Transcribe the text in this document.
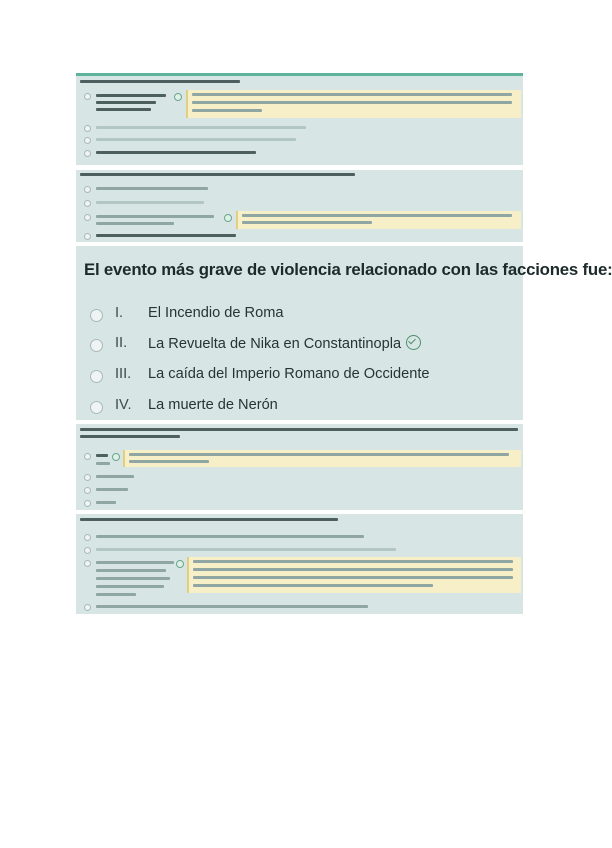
El evento más grave de violencia relacionado con las facciones fue:

I. El Incendio de Roma
II. La Revuelta de Nika en Constantinopla
III. La caída del Imperio Romano de Occidente
IV. La muerte de Nerón
